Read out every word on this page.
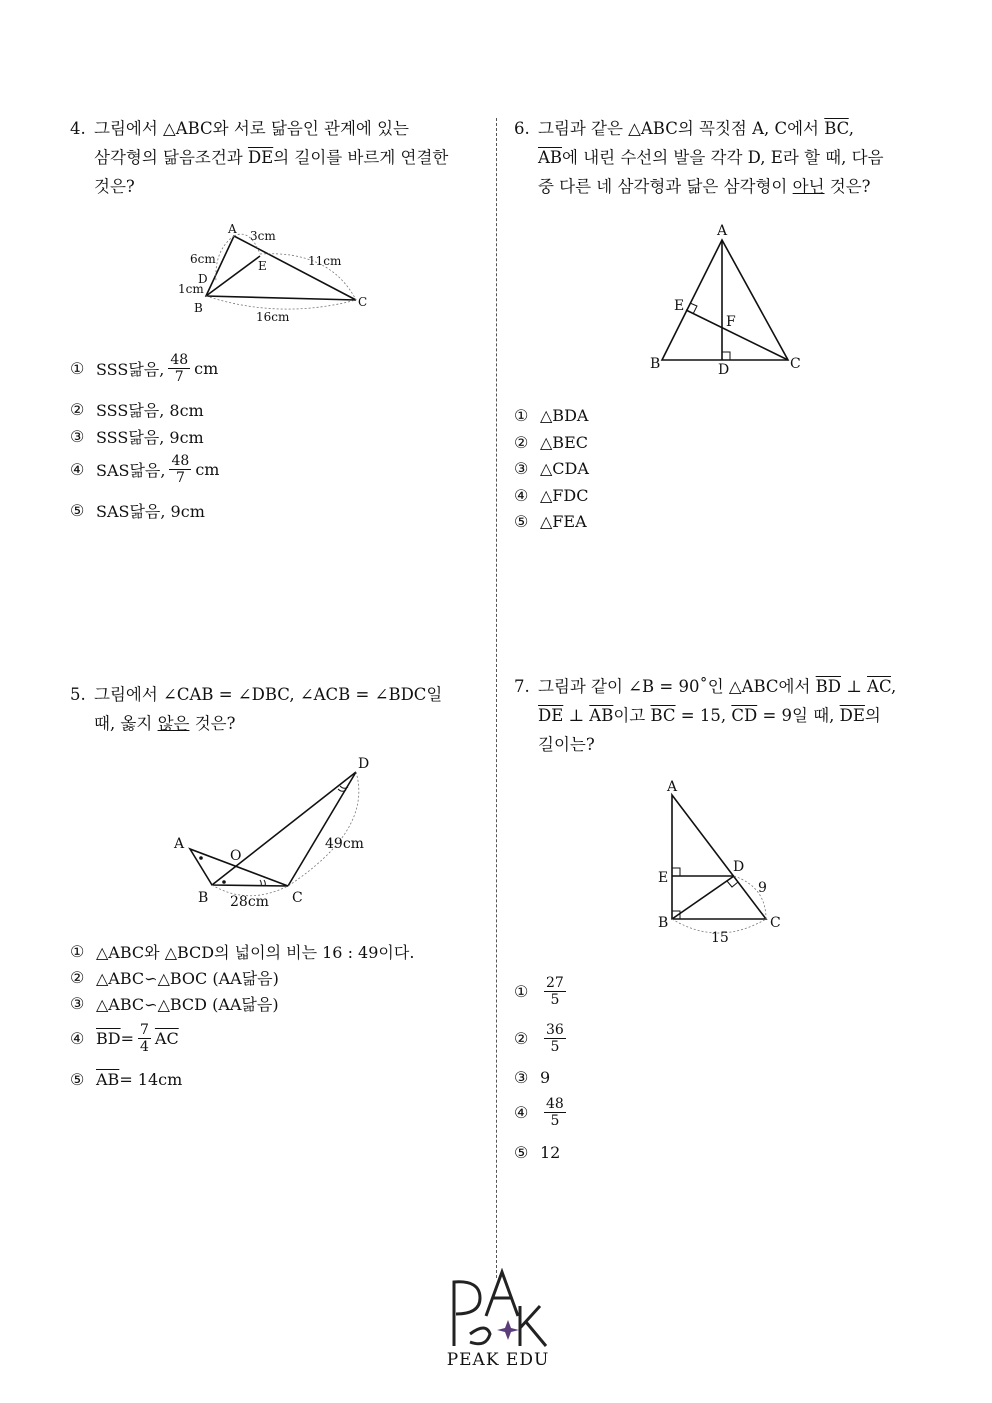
4. 그림에서 △ABC와 서로 닮음인 관계에 있는
삼각형의 닮음조건과 $\overline{DE}$의 길이를 바르게 연결한
것은?
A
B	C
D
E
3cm
6cm
1cm
11cm
16cm
① SSS닮음, $\frac{48}{7}$ cm
② SSS닮음, 8cm
③ SSS닮음, 9cm
④ SAS닮음, $\frac{48}{7}$ cm
⑤ SAS닮음, 9cm
5. 그림에서 ∠CAB = ∠DBC, ∠ACB = ∠BDC일
때, 옳지 않은 것은?
A
B	C
D
O
28cm
49cm
① △ABC와 △BCD의 넓이의 비는 16 : 49이다.
② △ABC∽△BOC (AA닮음)
③ △ABC∽△BCD (AA닮음)
④ $\overline{BD} = \frac{7}{4} \overline{AC}$
⑤ $\overline{AB} = 14cm$
6. 그림과 같은 △ABC의 꼭짓점 A, C에서 $\overline{BC}$,
$\overline{AB}$에 내린 수선의 발을 각각 D, E라 할 때, 다음
중 다른 네 삼각형과 닮은 삼각형이 아닌 것은?
A
B	C
D
E
F
① △BDA
② △BEC
③ △CDA
④ △FDC
⑤ △FEA
7. 그림과 같이 ∠B = 90˚인 △ABC에서 $\overline{BD}$ ⊥ $\overline{AC}$,
$\overline{DE}$ ⊥ $\overline{AB}$이고 $\overline{BC} = 15$, $\overline{CD} = 9$일 때, $\overline{DE}$의
길이는?
A
B	C
D
E
9
15
①	$\frac{27}{5}$
②	$\frac{36}{5}$
③ 9
④	$\frac{48}{5}$
⑤ 12
PEAK EDU
